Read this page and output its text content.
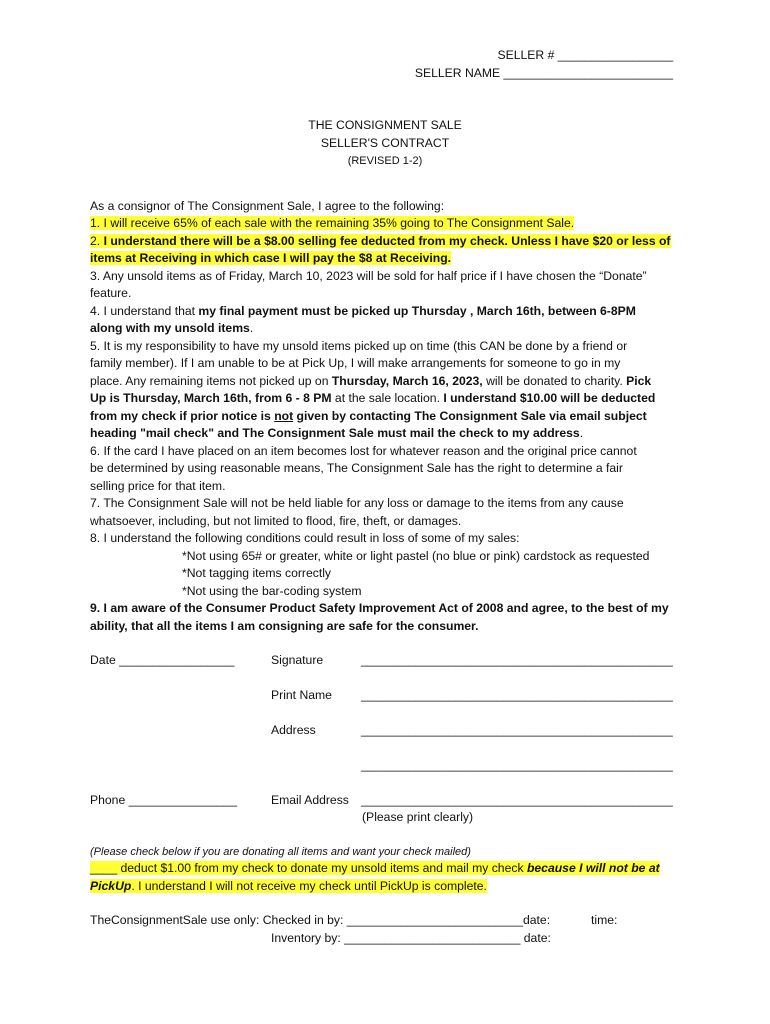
SELLER # _________________
SELLER NAME _________________________
THE CONSIGNMENT SALE
SELLER'S CONTRACT
(REVISED 1-2)
As a consignor of The Consignment Sale, I agree to the following:
1. I will receive 65% of each sale with the remaining 35% going to The Consignment Sale.
2. I understand there will be a $8.00 selling fee deducted from my check. Unless I have $20 or less of
items at Receiving in which case I will pay the $8 at Receiving.
3. Any unsold items as of Friday, March 10, 2023 will be sold for half price if I have chosen the “Donate”
feature.
4. I understand that my final payment must be picked up Thursday , March 16th, between 6-8PM
along with my unsold items.
5. It is my responsibility to have my unsold items picked up on time (this CAN be done by a friend or
family member). If I am unable to be at Pick Up, I will make arrangements for someone to go in my
place. Any remaining items not picked up on Thursday, March 16, 2023, will be donated to charity. Pick
Up is Thursday, March 16th, from 6 - 8 PM at the sale location. I understand $10.00 will be deducted
from my check if prior notice is not given by contacting The Consignment Sale via email subject
heading "mail check" and The Consignment Sale must mail the check to my address.
6. If the card I have placed on an item becomes lost for whatever reason and the original price cannot
be determined by using reasonable means, The Consignment Sale has the right to determine a fair
selling price for that item.
7. The Consignment Sale will not be held liable for any loss or damage to the items from any cause
whatsoever, including, but not limited to flood, fire, theft, or damages.
8. I understand the following conditions could result in loss of some of my sales:
*Not using 65# or greater, white or light pastel (no blue or pink) cardstock as requested
*Not tagging items correctly
*Not using the bar-coding system
9. I am aware of the Consumer Product Safety Improvement Act of 2008 and agree, to the best of my
ability, that all the items I am consigning are safe for the consumer.
Date _________________	Signature	______________________________________________
Print Name ______________________________________________
Address	______________________________________________
______________________________________________
Phone ________________	Email Address ______________________________________________
(Please print clearly)
(Please check below if you are donating all items and want your check mailed)
____ deduct $1.00 from my check to donate my unsold items and mail my check because I will not be at
PickUp. I understand I will not receive my check until PickUp is complete.
TheConsignmentSale use only: Checked in by: __________________________date:	time:
Inventory by: __________________________ date:
